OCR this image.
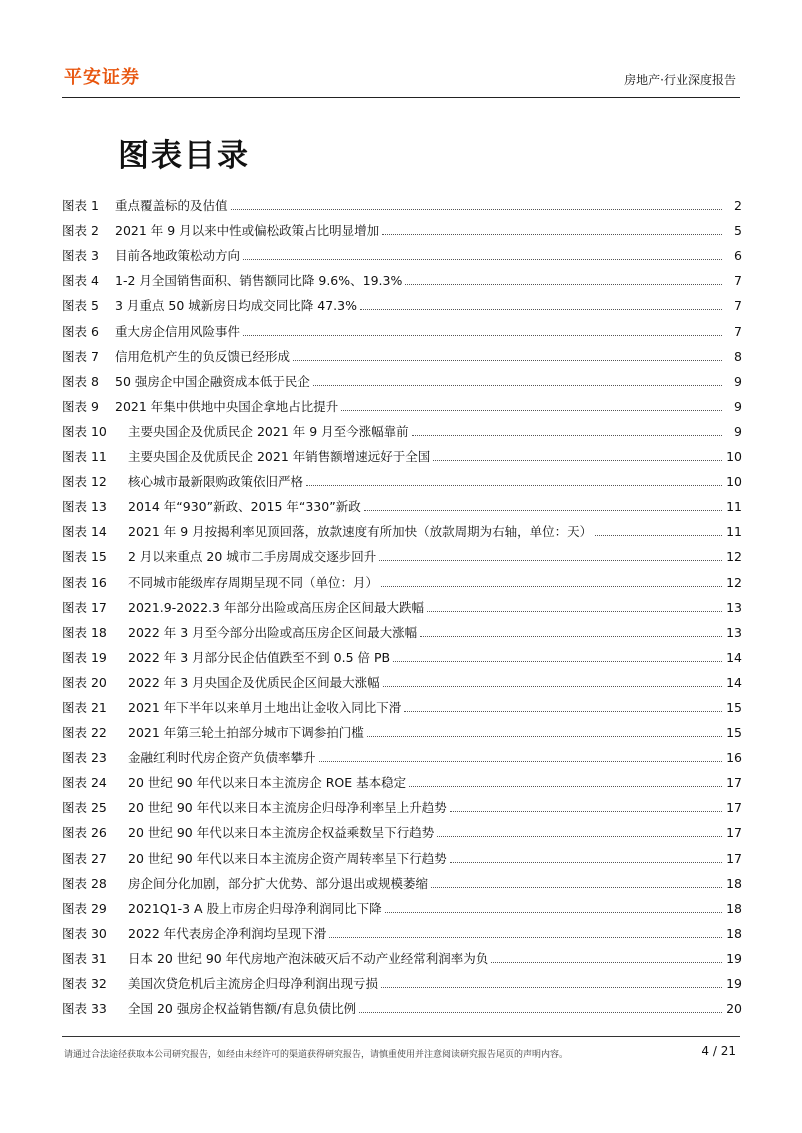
平安证券	房地产·行业深度报告
图表目录
图表 1	重点覆盖标的及估值	2
图表 2	2021 年 9 月以来中性或偏松政策占比明显增加	5
图表 3	目前各地政策松动方向	6
图表 4	1-2 月全国销售面积、销售额同比降 9.6%、19.3%	7
图表 5	3 月重点 50 城新房日均成交同比降 47.3%	7
图表 6	重大房企信用风险事件	7
图表 7	信用危机产生的负反馈已经形成	8
图表 8	50 强房企中国企融资成本低于民企	9
图表 9	2021 年集中供地中央国企拿地占比提升	9
图表 10	主要央国企及优质民企 2021 年 9 月至今涨幅靠前	9
图表 11	主要央国企及优质民企 2021 年销售额增速远好于全国	10
图表 12	核心城市最新限购政策依旧严格	10
图表 13	2014 年“930”新政、2015 年“330”新政	11
图表 14	2021 年 9 月按揭利率见顶回落，放款速度有所加快（放款周期为右轴，单位：天）	11
图表 15	2 月以来重点 20 城市二手房周成交逐步回升	12
图表 16	不同城市能级库存周期呈现不同（单位：月）	12
图表 17	2021.9-2022.3 年部分出险或高压房企区间最大跌幅	13
图表 18	2022 年 3 月至今部分出险或高压房企区间最大涨幅	13
图表 19	2022 年 3 月部分民企估值跌至不到 0.5 倍 PB	14
图表 20	2022 年 3 月央国企及优质民企区间最大涨幅	14
图表 21	2021 年下半年以来单月土地出让金收入同比下滑	15
图表 22	2021 年第三轮土拍部分城市下调参拍门槛	15
图表 23	金融红利时代房企资产负债率攀升	16
图表 24	20 世纪 90 年代以来日本主流房企 ROE 基本稳定	17
图表 25	20 世纪 90 年代以来日本主流房企归母净利率呈上升趋势	17
图表 26	20 世纪 90 年代以来日本主流房企权益乘数呈下行趋势	17
图表 27	20 世纪 90 年代以来日本主流房企资产周转率呈下行趋势	17
图表 28	房企间分化加剧，部分扩大优势、部分退出或规模萎缩	18
图表 29	2021Q1-3 A 股上市房企归母净利润同比下降	18
图表 30	2022 年代表房企净利润均呈现下滑	18
图表 31	日本 20 世纪 90 年代房地产泡沫破灭后不动产业经常利润率为负	19
图表 32	美国次贷危机后主流房企归母净利润出现亏损	19
图表 33	全国 20 强房企权益销售额/有息负债比例	20
请通过合法途径获取本公司研究报告，如经由未经许可的渠道获得研究报告，请慎重使用并注意阅读研究报告尾页的声明内容。	4 / 21
